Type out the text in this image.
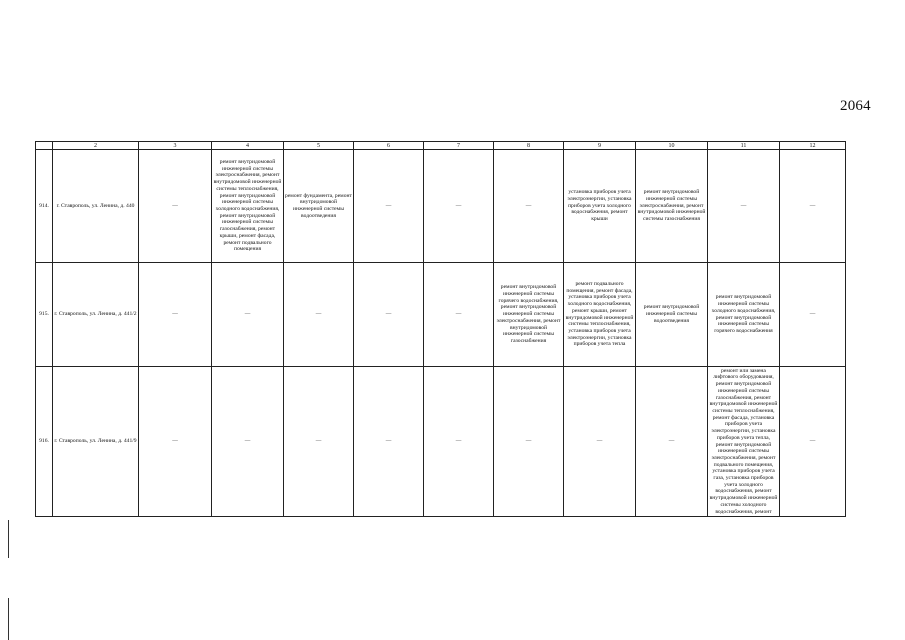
2064
	2	3	4	5	6	7	8	9	10	11	12
914.	г. Ставрополь, ул. Ленина, д. 440	—	ремонт внутридомовой инженерной системы электроснабжения, ремонт внутридомовой инженерной системы теплоснабжения, ремонт внутридомовой инженерной системы холодного водоснабжения, ремонт внутридомовой инженерной системы газоснабжения, ремонт крыши, ремонт фасада, ремонт подвального помещения	ремонт фундамента, ремонт внутридомовой инженерной системы водоотведения	—	—	—	установка приборов учета электроэнергии, установка приборов учета холодного водоснабжения, ремонт крыши	ремонт внутридомовой инженерной системы электроснабжения, ремонт внутридомовой инженерной системы газоснабжения	—	—
915.	г. Ставрополь, ул. Ленина, д. 441/2	—	—	—	—	—	ремонт внутридомовой инженерной системы горячего водоснабжения, ремонт внутридомовой инженерной системы электроснабжения, ремонт внутридомовой инженерной системы газоснабжения	ремонт подвального помещения, ремонт фасада, установка приборов учета холодного водоснабжения, ремонт крыши, ремонт внутридомовой инженерной системы теплоснабжения, установка приборов учета электроэнергии, установка приборов учета тепла	ремонт внутридомовой инженерной системы водоотведения	ремонт внутридомовой инженерной системы холодного водоснабжения, ремонт внутридомовой инженерной системы горячего водоснабжения	—
916.	г. Ставрополь, ул. Ленина, д. 441/9	—	—	—	—	—	—	—	—	ремонт или замена лифтового оборудования, ремонт внутридомовой инженерной системы газоснабжения, ремонт внутридомовой инженерной системы теплоснабжения, ремонт фасада, установка приборов учета электроэнергии, установка приборов учета тепла, ремонт внутридомовой инженерной системы электроснабжения, ремонт подвального помещения, установка приборов учета газа, установка приборов учета холодного водоснабжения, ремонт внутридомовой инженерной системы холодного водоснабжения, ремонт	—
